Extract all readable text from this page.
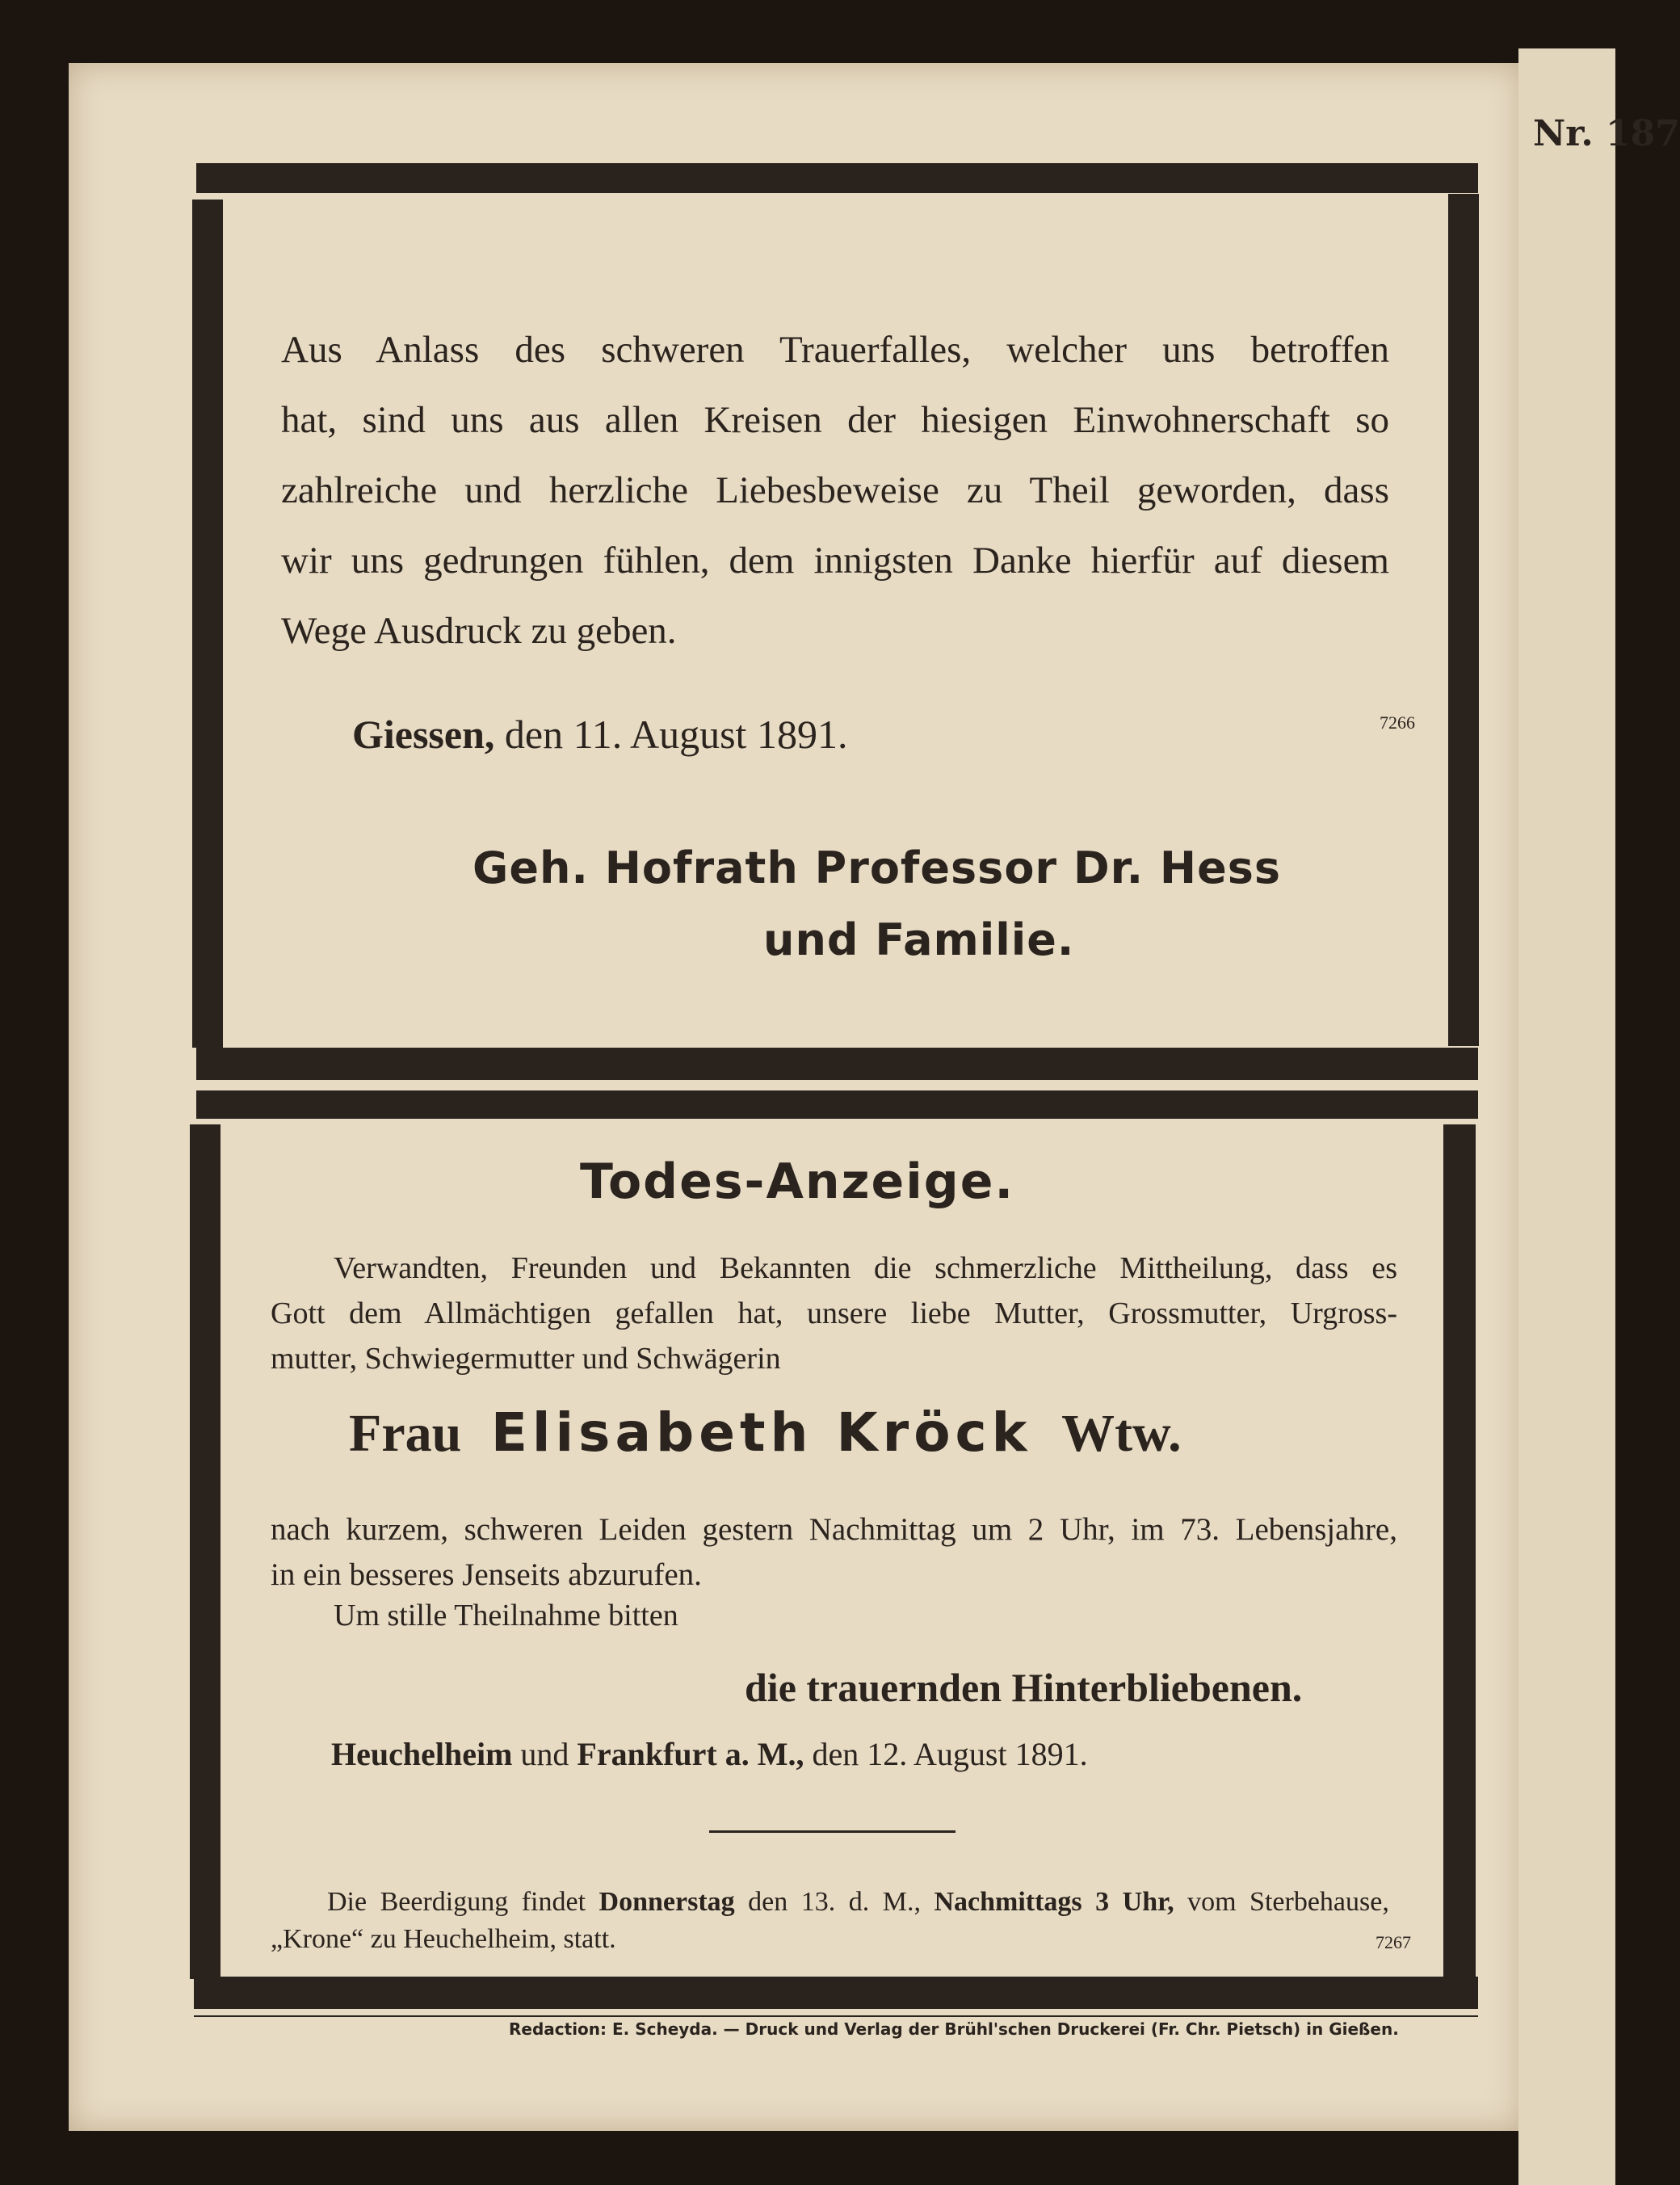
Nr. 187
Aus Anlass des schweren Trauerfalles, welcher uns betroffen
hat, sind uns aus allen Kreisen der hiesigen Einwohnerschaft so
zahlreiche und herzliche Liebesbeweise zu Theil geworden, dass
wir uns gedrungen fühlen, dem innigsten Danke hierfür auf diesem
Wege Ausdruck zu geben.
Giessen, den 11. August 1891.	7266
Geh. Hofrath Professor Dr. Hess
und Familie.
Todes-Anzeige.
Verwandten, Freunden und Bekannten die schmerzliche Mittheilung, dass es
Gott dem Allmächtigen gefallen hat, unsere liebe Mutter, Grossmutter, Urgross-
mutter, Schwiegermutter und Schwägerin
Frau Elisabeth Kröck Wtw.
nach kurzem, schweren Leiden gestern Nachmittag um 2 Uhr, im 73. Lebensjahre,
in ein besseres Jenseits abzurufen.
Um stille Theilnahme bitten
die trauernden Hinterbliebenen.
Heuchelheim und Frankfurt a. M., den 12. August 1891.
Die Beerdigung findet Donnerstag den 13. d. M., Nachmittags 3 Uhr, vom Sterbehause,
„Krone“ zu Heuchelheim, statt.	7267
Redaction: E. Scheyda. — Druck und Verlag der Brühl'schen Druckerei (Fr. Chr. Pietsch) in Gießen.
